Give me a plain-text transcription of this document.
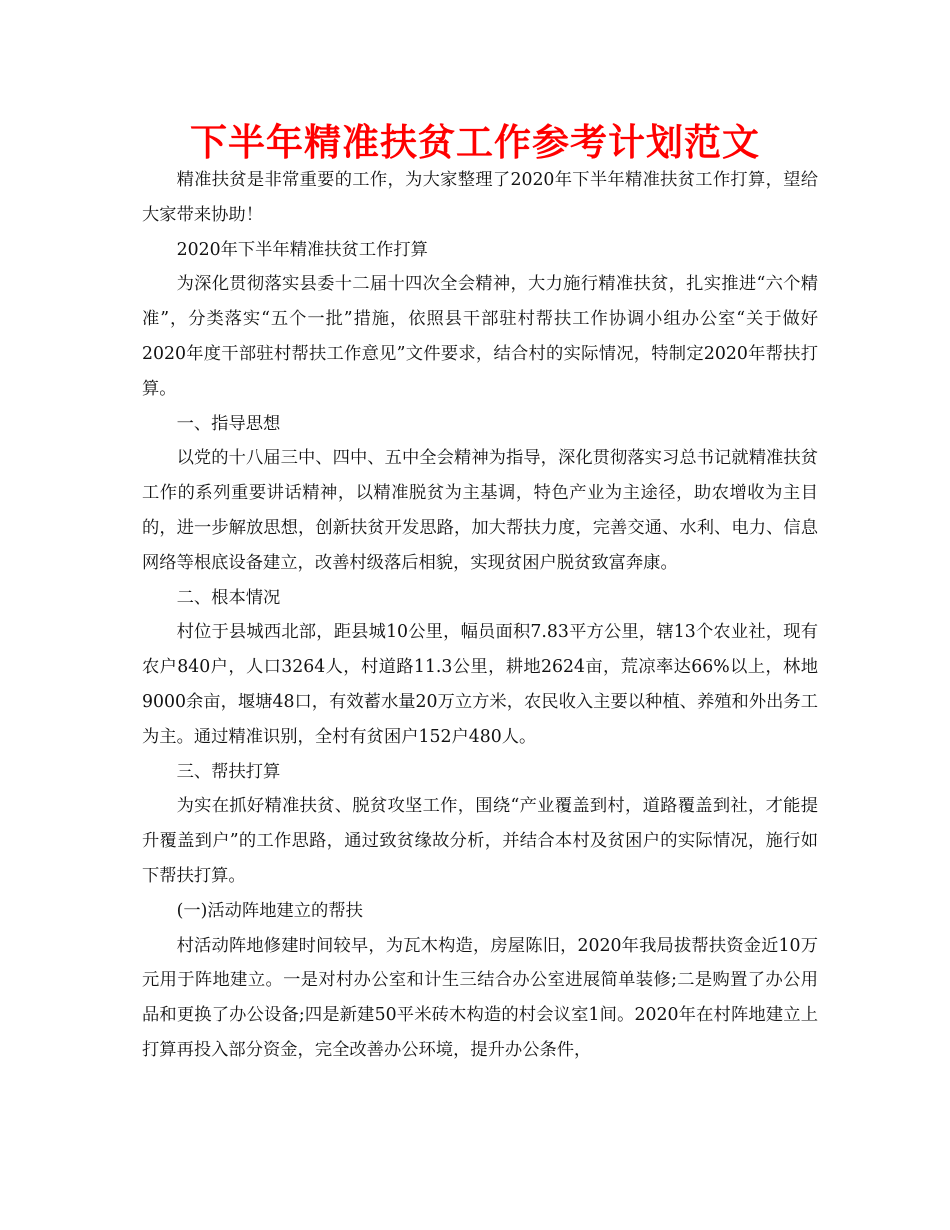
下半年精准扶贫工作参考计划范文

精准扶贫是非常重要的工作，为大家整理了2020年下半年精准扶贫工作打算，望给大家带来协助！

2020年下半年精准扶贫工作打算

为深化贯彻落实县委十二届十四次全会精神，大力施行精准扶贫，扎实推进“六个精准”，分类落实“五个一批”措施，依照县干部驻村帮扶工作协调小组办公室“关于做好2020年度干部驻村帮扶工作意见”文件要求，结合村的实际情况，特制定2020年帮扶打算。

一、指导思想

以党的十八届三中、四中、五中全会精神为指导，深化贯彻落实习总书记就精准扶贫工作的系列重要讲话精神，以精准脱贫为主基调，特色产业为主途径，助农增收为主目的，进一步解放思想，创新扶贫开发思路，加大帮扶力度，完善交通、水利、电力、信息网络等根底设备建立，改善村级落后相貌，实现贫困户脱贫致富奔康。

二、根本情况

村位于县城西北部，距县城10公里，幅员面积7.83平方公里，辖13个农业社，现有农户840户，人口3264人，村道路11.3公里，耕地2624亩，荒凉率达66%以上，林地9000余亩，堰塘48口，有效蓄水量20万立方米，农民收入主要以种植、养殖和外出务工为主。通过精准识别，全村有贫困户152户480人。

三、帮扶打算

为实在抓好精准扶贫、脱贫攻坚工作，围绕“产业覆盖到村，道路覆盖到社，才能提升覆盖到户”的工作思路，通过致贫缘故分析，并结合本村及贫困户的实际情况，施行如下帮扶打算。

(一)活动阵地建立的帮扶

村活动阵地修建时间较早，为瓦木构造，房屋陈旧，2020年我局拔帮扶资金近10万元用于阵地建立。一是对村办公室和计生三结合办公室进展简单装修;二是购置了办公用品和更换了办公设备;四是新建50平米砖木构造的村会议室1间。2020年在村阵地建立上打算再投入部分资金，完全改善办公环境，提升办公条件，
